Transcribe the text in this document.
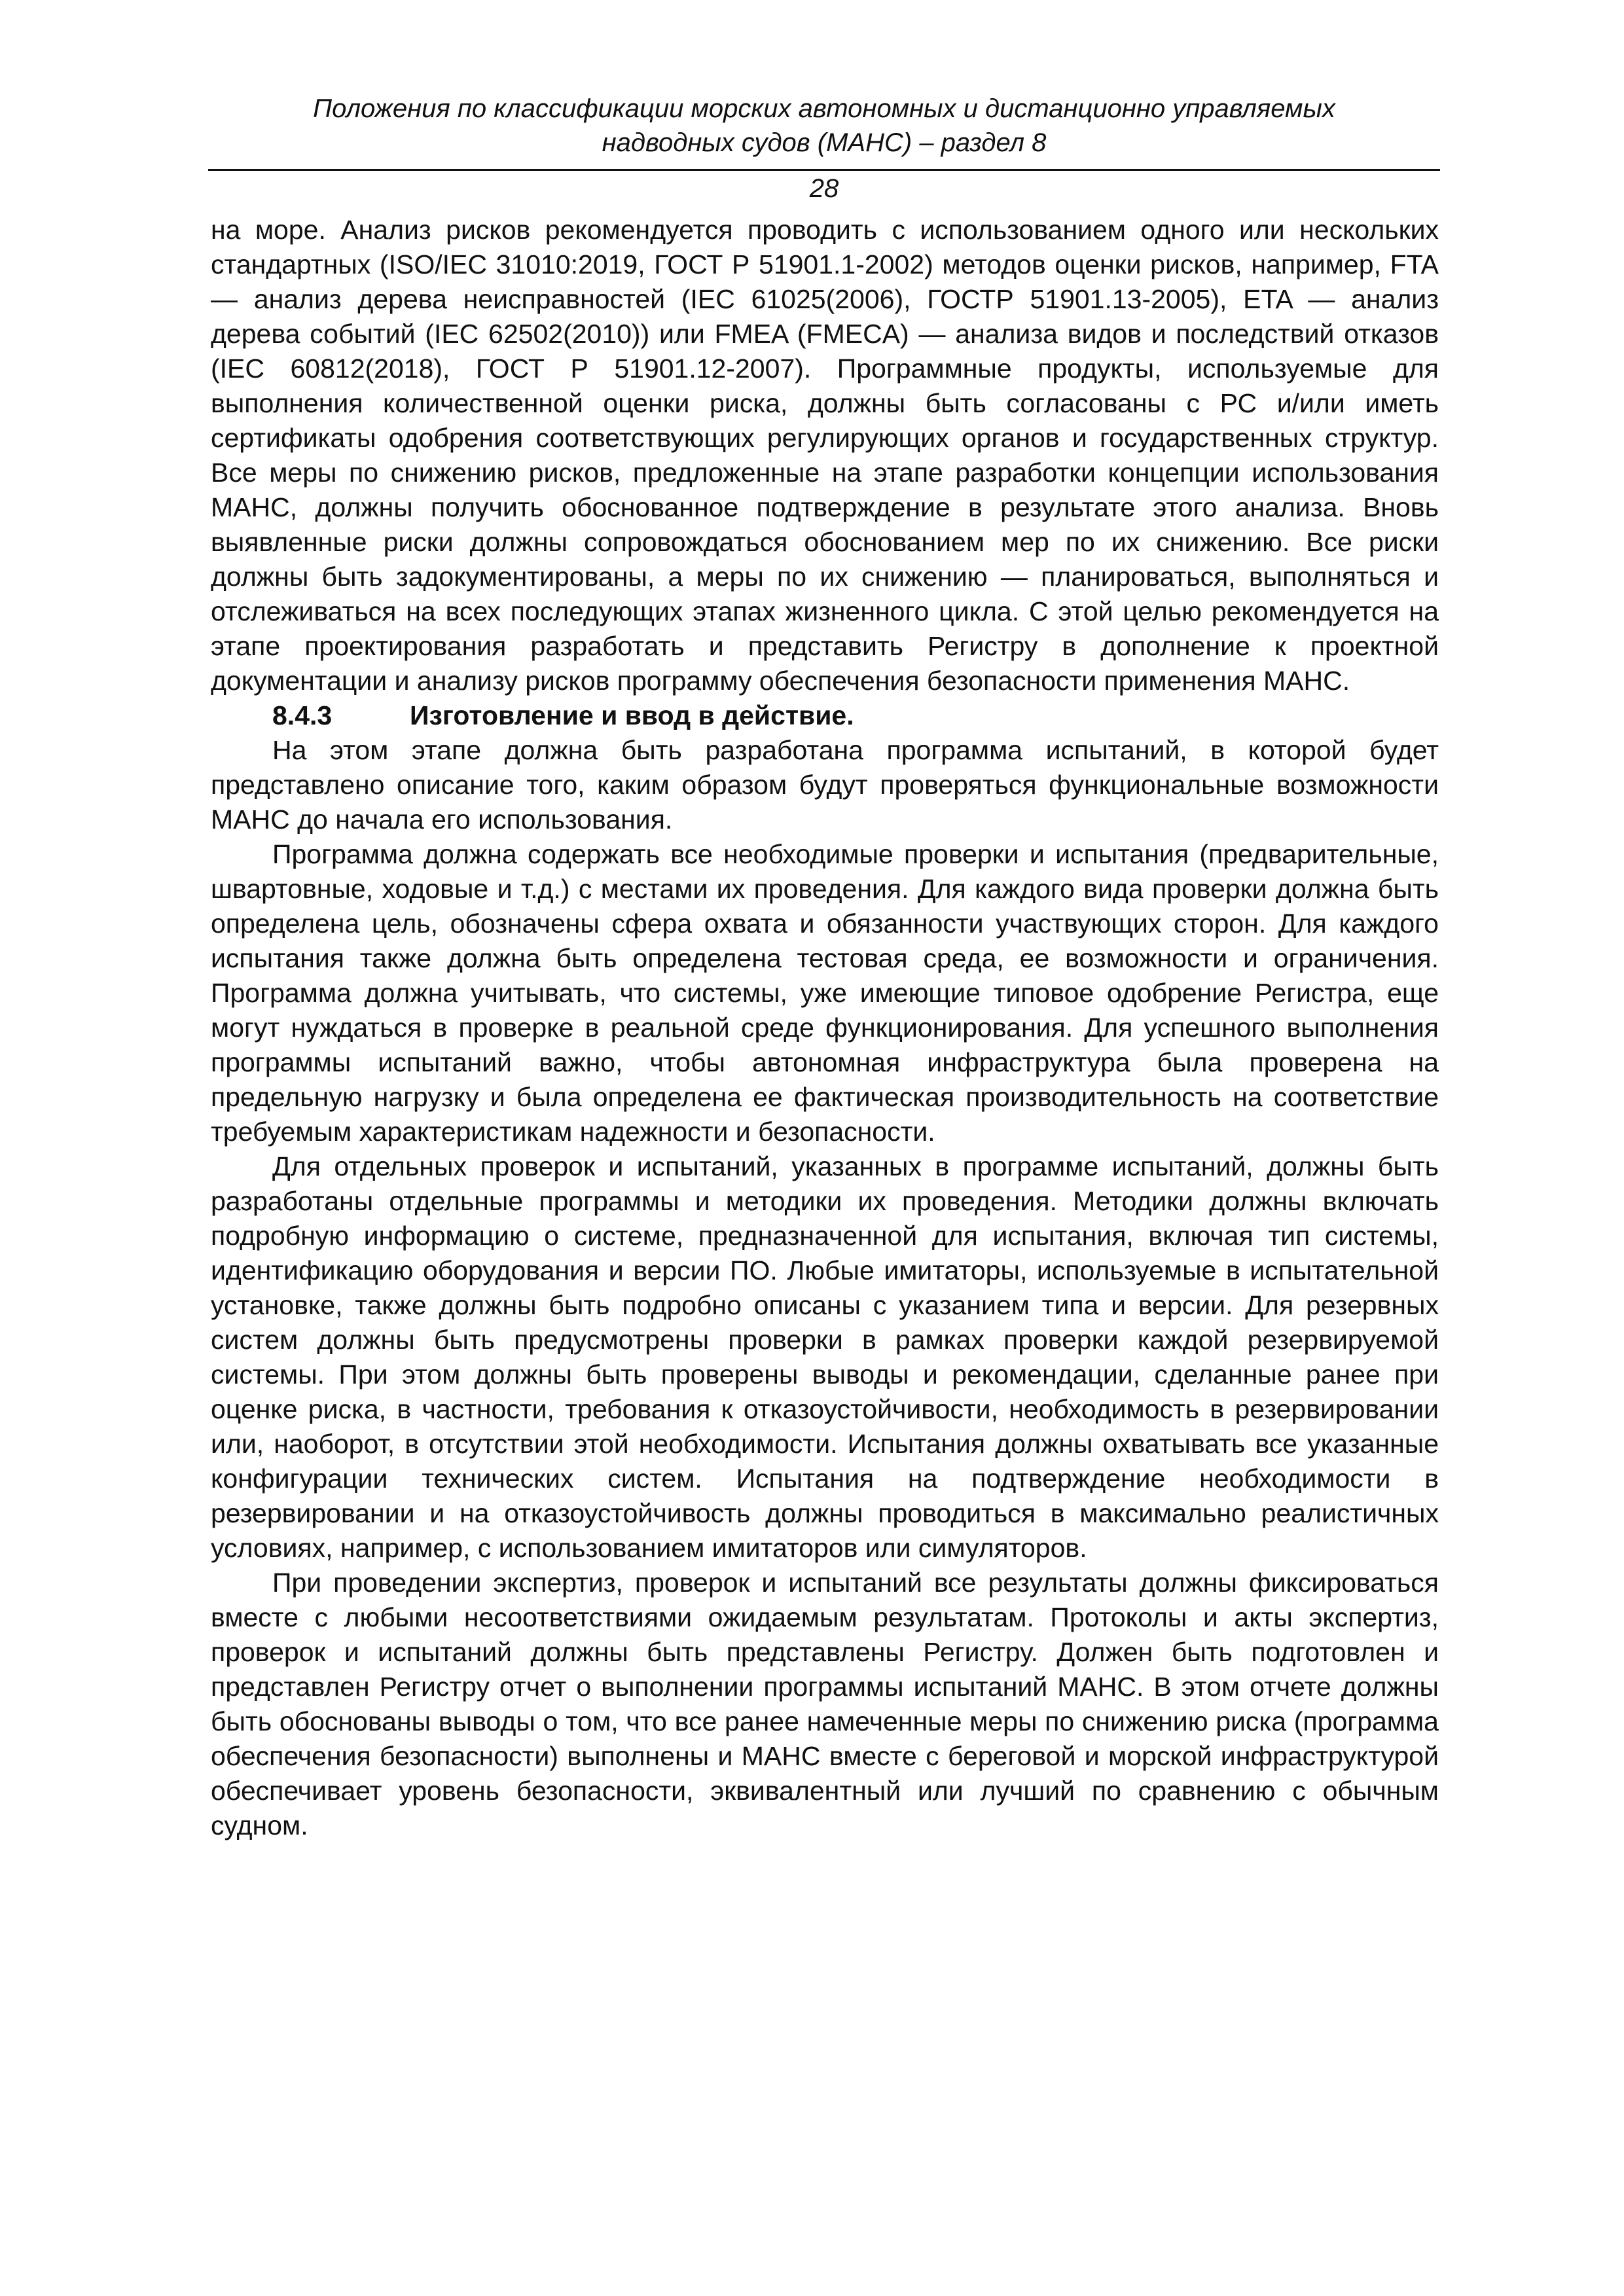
Положения по классификации морских автономных и дистанционно управляемых
надводных судов (МАНС) – раздел 8
28

на море. Анализ рисков рекомендуется проводить с использованием одного или нескольких стандартных (ISO/IEC 31010:2019, ГОСТ Р 51901.1-2002) методов оценки рисков, например, FTA — анализ дерева неисправностей (IEC 61025(2006), ГОСТР 51901.13-2005), ETA — анализ дерева событий (IEC 62502(2010)) или FMEA (FMECA) — анализа видов и последствий отказов (IEC 60812(2018), ГОСТ Р 51901.12-2007). Программные продукты, используемые для выполнения количественной оценки риска, должны быть согласованы с РС и/или иметь сертификаты одобрения соответствующих регулирующих органов и государственных структур. Все меры по снижению рисков, предложенные на этапе разработки концепции использования МАНС, должны получить обоснованное подтверждение в результате этого анализа. Вновь выявленные риски должны сопровождаться обоснованием мер по их снижению. Все риски должны быть задокументированы, а меры по их снижению — планироваться, выполняться и отслеживаться на всех последующих этапах жизненного цикла. С этой целью рекомендуется на этапе проектирования разработать и представить Регистру в дополнение к проектной документации и анализу рисков программу обеспечения безопасности применения МАНС.

8.4.3	Изготовление и ввод в действие.

На этом этапе должна быть разработана программа испытаний, в которой будет представлено описание того, каким образом будут проверяться функциональные возможности МАНС до начала его использования.

Программа должна содержать все необходимые проверки и испытания (предварительные, швартовные, ходовые и т.д.) с местами их проведения. Для каждого вида проверки должна быть определена цель, обозначены сфера охвата и обязанности участвующих сторон. Для каждого испытания также должна быть определена тестовая среда, ее возможности и ограничения. Программа должна учитывать, что системы, уже имеющие типовое одобрение Регистра, еще могут нуждаться в проверке в реальной среде функционирования. Для успешного выполнения программы испытаний важно, чтобы автономная инфраструктура была проверена на предельную нагрузку и была определена ее фактическая производительность на соответствие требуемым характеристикам надежности и безопасности.

Для отдельных проверок и испытаний, указанных в программе испытаний, должны быть разработаны отдельные программы и методики их проведения. Методики должны включать подробную информацию о системе, предназначенной для испытания, включая тип системы, идентификацию оборудования и версии ПО. Любые имитаторы, используемые в испытательной установке, также должны быть подробно описаны с указанием типа и версии. Для резервных систем должны быть предусмотрены проверки в рамках проверки каждой резервируемой системы. При этом должны быть проверены выводы и рекомендации, сделанные ранее при оценке риска, в частности, требования к отказоустойчивости, необходимость в резервировании или, наоборот, в отсутствии этой необходимости. Испытания должны охватывать все указанные конфигурации технических систем. Испытания на подтверждение необходимости в резервировании и на отказоустойчивость должны проводиться в максимально реалистичных условиях, например, с использованием имитаторов или симуляторов.

При проведении экспертиз, проверок и испытаний все результаты должны фиксироваться вместе с любыми несоответствиями ожидаемым результатам. Протоколы и акты экспертиз, проверок и испытаний должны быть представлены Регистру. Должен быть подготовлен и представлен Регистру отчет о выполнении программы испытаний МАНС. В этом отчете должны быть обоснованы выводы о том, что все ранее намеченные меры по снижению риска (программа обеспечения безопасности) выполнены и МАНС вместе с береговой и морской инфраструктурой обеспечивает уровень безопасности, эквивалентный или лучший по сравнению с обычным судном.
